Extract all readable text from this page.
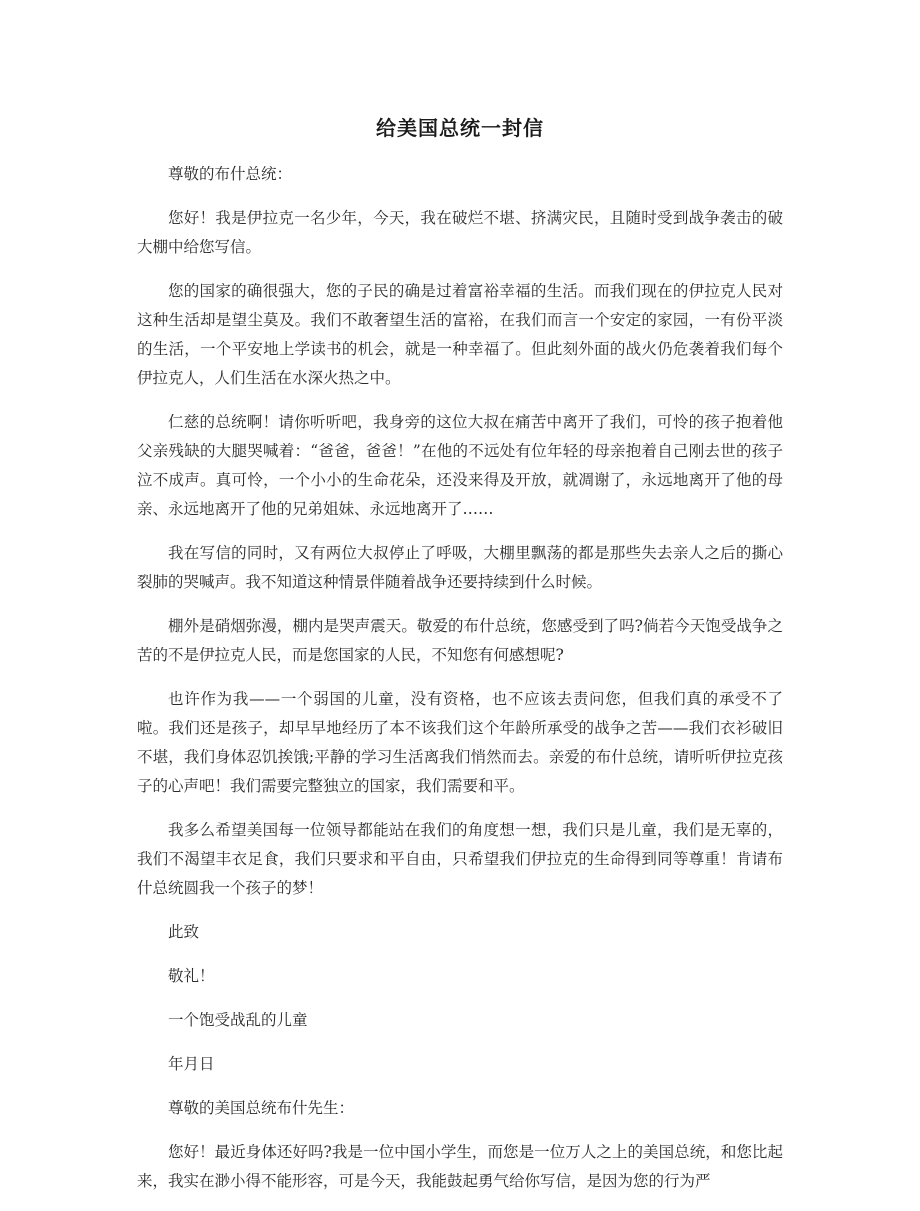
给美国总统一封信
尊敬的布什总统：

您好！我是伊拉克一名少年，今天，我在破烂不堪、挤满灾民，且随时受到战争袭击的破大棚中给您写信。

您的国家的确很强大，您的子民的确是过着富裕幸福的生活。而我们现在的伊拉克人民对这种生活却是望尘莫及。我们不敢奢望生活的富裕，在我们而言一个安定的家园，一有份平淡的生活，一个平安地上学读书的机会，就是一种幸福了。但此刻外面的战火仍危袭着我们每个伊拉克人，人们生活在水深火热之中。

仁慈的总统啊！请你听听吧，我身旁的这位大叔在痛苦中离开了我们，可怜的孩子抱着他父亲残缺的大腿哭喊着：“爸爸，爸爸！”在他的不远处有位年轻的母亲抱着自己刚去世的孩子泣不成声。真可怜，一个小小的生命花朵，还没来得及开放，就凋谢了，永远地离开了他的母亲、永远地离开了他的兄弟姐妹、永远地离开了……

我在写信的同时，又有两位大叔停止了呼吸，大棚里飘荡的都是那些失去亲人之后的撕心裂肺的哭喊声。我不知道这种情景伴随着战争还要持续到什么时候。

棚外是硝烟弥漫，棚内是哭声震天。敬爱的布什总统，您感受到了吗?倘若今天饱受战争之苦的不是伊拉克人民，而是您国家的人民，不知您有何感想呢?

也许作为我——一个弱国的儿童，没有资格，也不应该去责问您，但我们真的承受不了啦。我们还是孩子，却早早地经历了本不该我们这个年龄所承受的战争之苦——我们衣衫破旧不堪，我们身体忍饥挨饿;平静的学习生活离我们悄然而去。亲爱的布什总统，请听听伊拉克孩子的心声吧！我们需要完整独立的国家，我们需要和平。

我多么希望美国每一位领导都能站在我们的角度想一想，我们只是儿童，我们是无辜的，我们不渴望丰衣足食，我们只要求和平自由，只希望我们伊拉克的生命得到同等尊重！肯请布什总统圆我一个孩子的梦！

此致
敬礼！
一个饱受战乱的儿童
年月日
尊敬的美国总统布什先生：

您好！最近身体还好吗?我是一位中国小学生，而您是一位万人之上的美国总统，和您比起来，我实在渺小得不能形容，可是今天，我能鼓起勇气给你写信，是因为您的行为严
